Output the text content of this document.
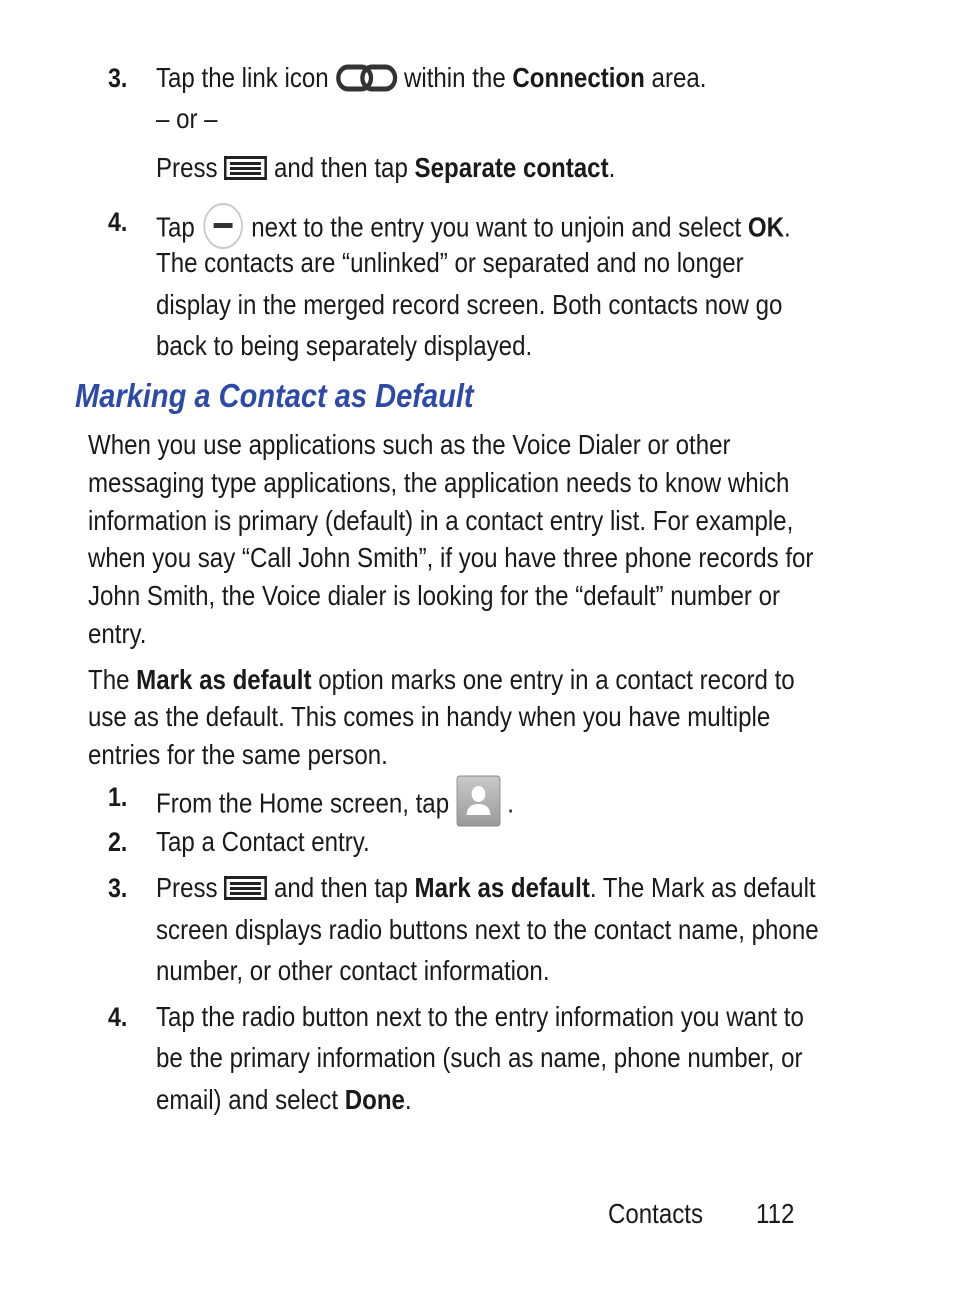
3. Tap the link icon	within the Connection area.
– or –
Press and then tap Separate contact.
4. Tap next to the entry you want to unjoin and select OK.
The contacts are “unlinked” or separated and no longer
display in the merged record screen. Both contacts now go
back to being separately displayed.
Marking a Contact as Default
When you use applications such as the Voice Dialer or other
messaging type applications, the application needs to know which
information is primary (default) in a contact entry list. For example,
when you say “Call John Smith”, if you have three phone records for
John Smith, the Voice dialer is looking for the “default” number or
entry.
The Mark as default option marks one entry in a contact record to
use as the default. This comes in handy when you have multiple
entries for the same person.
1. From the Home screen, tap .
2. Tap a Contact entry.
3. Press and then tap Mark as default. The Mark as default
screen displays radio buttons next to the contact name, phone
number, or other contact information.
4. Tap the radio button next to the entry information you want to
be the primary information (such as name, phone number, or
email) and select Done.
Contacts	112
